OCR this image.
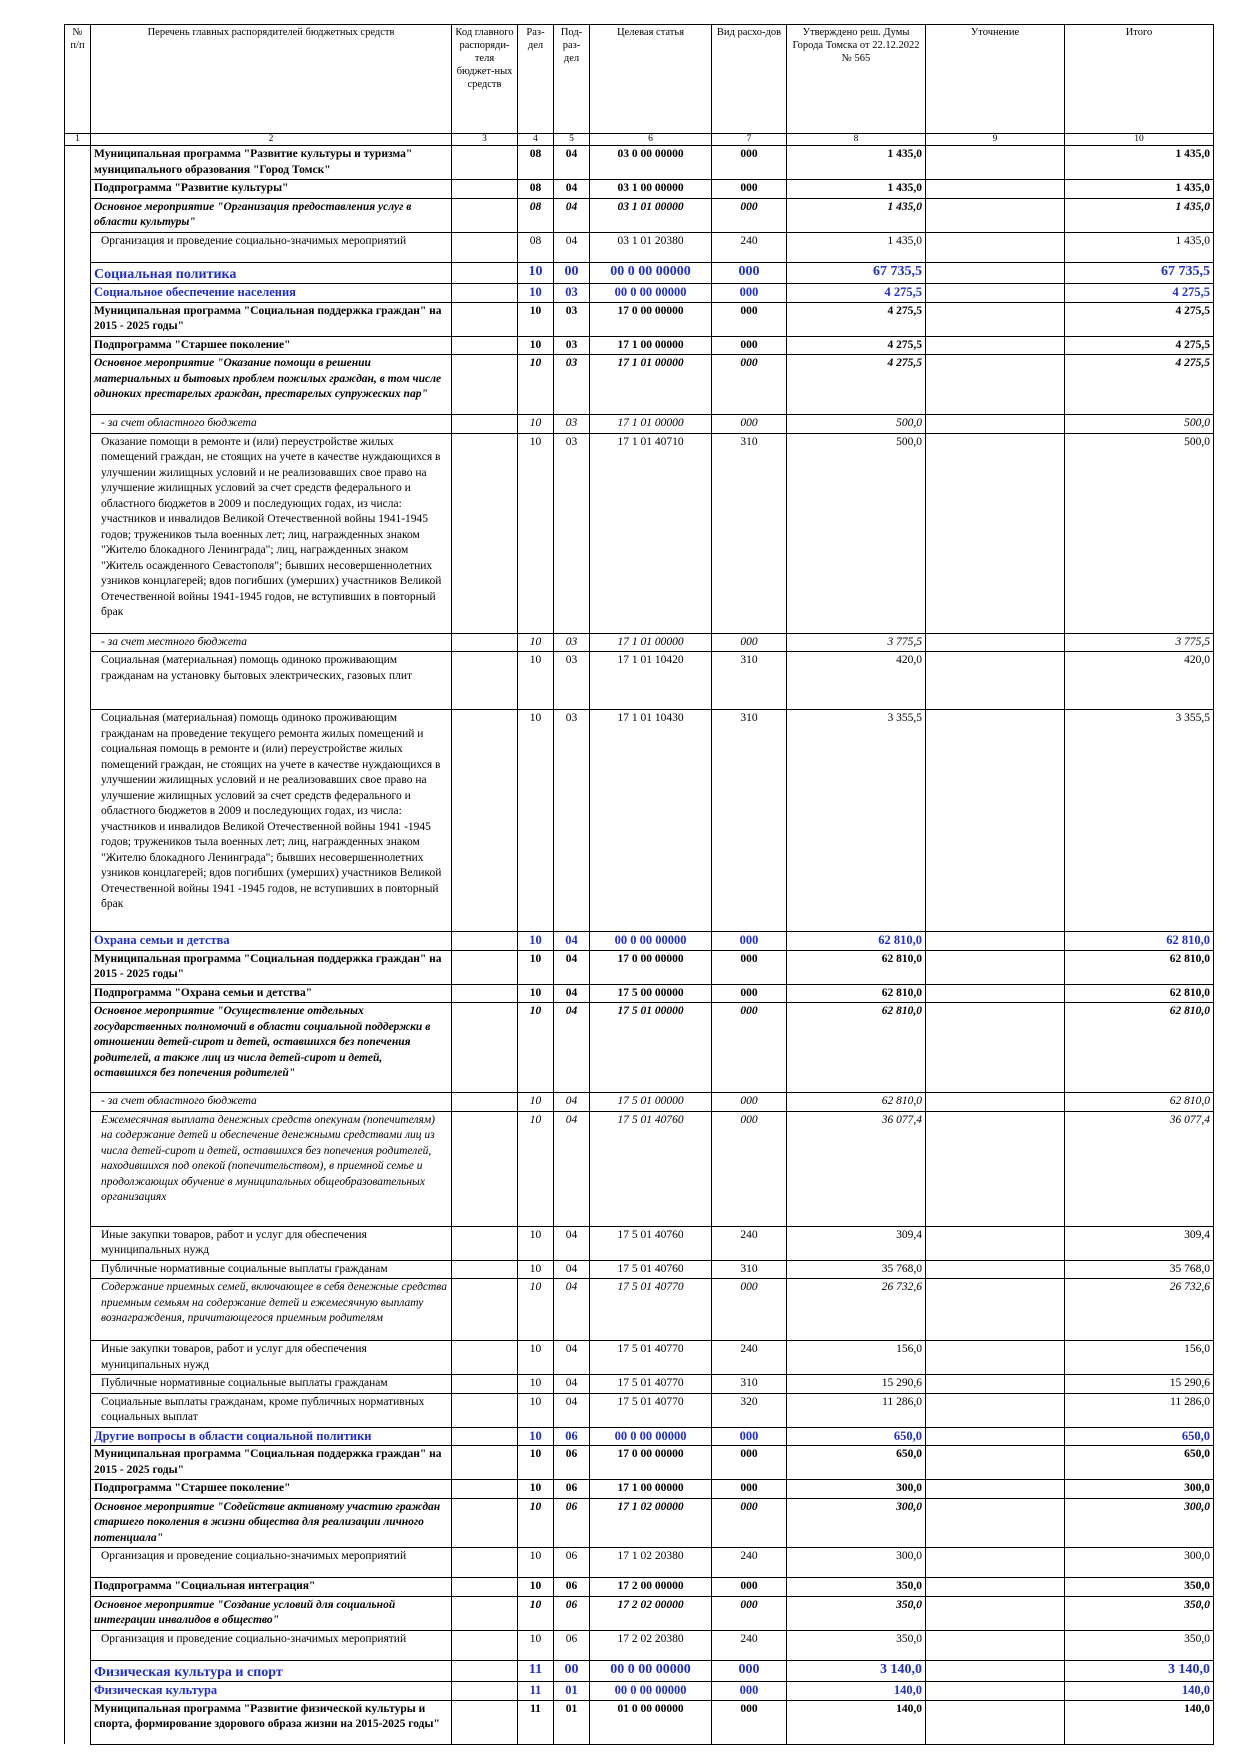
№ п/п	Перечень главных распорядителей бюджетных средств	Код главного распоряди-теля бюджет-ных средств	Раз-дел	Под-раз-дел	Целевая статья	Вид расхо-дов	Утверждено реш. Думы Города Томска от 22.12.2022 № 565	Уточнение	Итого
1	2	3	4	5	6	7	8	9	10
	Муниципальная программа "Развитие культуры и туризма" муниципального образования "Город Томск"		08	04	03 0 00 00000	000	1 435,0		1 435,0
	Подпрограмма "Развитие культуры"		08	04	03 1 00 00000	000	1 435,0		1 435,0
	Основное мероприятие "Организация предоставления услуг в области культуры"		08	04	03 1 01 00000	000	1 435,0		1 435,0
	Организация и проведение социально-значимых мероприятий		08	04	03 1 01 20380	240	1 435,0		1 435,0
	Социальная политика		10	00	00 0 00 00000	000	67 735,5		67 735,5
	Социальное обеспечение населения		10	03	00 0 00 00000	000	4 275,5		4 275,5
	Муниципальная программа "Социальная поддержка граждан" на 2015 - 2025 годы"		10	03	17 0 00 00000	000	4 275,5		4 275,5
	Подпрограмма "Старшее поколение"		10	03	17 1 00 00000	000	4 275,5		4 275,5
	Основное мероприятие "Оказание помощи в решении материальных и бытовых проблем пожилых граждан, в том числе одиноких престарелых граждан, престарелых супружеских пар"		10	03	17 1 01 00000	000	4 275,5		4 275,5
	- за счет областного бюджета		10	03	17 1 01 00000	000	500,0		500,0
	Оказание помощи в ремонте и (или) переустройстве жилых помещений граждан, не стоящих на учете в качестве нуждающихся в улучшении жилищных условий и не реализовавших свое право на улучшение жилищных условий за счет средств федерального и областного бюджетов в 2009 и последующих годах, из числа: участников и инвалидов Великой Отечественной войны 1941-1945 годов; тружеников тыла военных лет; лиц, награжденных знаком "Жителю блокадного Ленинграда"; лиц, награжденных знаком "Житель осажденного Севастополя"; бывших несовершеннолетних узников концлагерей; вдов погибших (умерших) участников Великой Отечественной войны 1941-1945 годов, не вступивших в повторный брак		10	03	17 1 01 40710	310	500,0		500,0
	- за счет местного бюджета		10	03	17 1 01 00000	000	3 775,5		3 775,5
	Социальная (материальная) помощь одиноко проживающим гражданам на установку бытовых электрических, газовых плит		10	03	17 1 01 10420	310	420,0		420,0
	Социальная (материальная) помощь одиноко проживающим гражданам на проведение текущего ремонта жилых помещений и социальная помощь в ремонте и (или) переустройстве жилых помещений граждан, не стоящих на учете в качестве нуждающихся в улучшении жилищных условий и не реализовавших свое право на улучшение жилищных условий за счет средств федерального и областного бюджетов в 2009 и последующих годах, из числа: участников и инвалидов Великой Отечественной войны 1941 -1945 годов; тружеников тыла военных лет; лиц, награжденных знаком "Жителю блокадного Ленинграда"; бывших несовершеннолетних узников концлагерей; вдов погибших (умерших) участников Великой Отечественной войны 1941 -1945 годов, не вступивших в повторный брак		10	03	17 1 01 10430	310	3 355,5		3 355,5
	Охрана семьи и детства		10	04	00 0 00 00000	000	62 810,0		62 810,0
	Муниципальная программа "Социальная поддержка граждан" на 2015 - 2025 годы"		10	04	17 0 00 00000	000	62 810,0		62 810,0
	Подпрограмма "Охрана семьи и детства"		10	04	17 5 00 00000	000	62 810,0		62 810,0
	Основное мероприятие "Осуществление отдельных государственных полномочий в области социальной поддержки в отношении детей-сирот и детей, оставшихся без попечения родителей, а также лиц из числа детей-сирот и детей, оставшихся без попечения родителей"		10	04	17 5 01 00000	000	62 810,0		62 810,0
	- за счет областного бюджета		10	04	17 5 01 00000	000	62 810,0		62 810,0
	Ежемесячная выплата денежных средств опекунам (попечителям) на содержание детей и обеспечение денежными средствами лиц из числа детей-сирот и детей, оставшихся без попечения родителей, находившихся под опекой (попечительством), в приемной семье и продолжающих обучение в муниципальных общеобразовательных организациях		10	04	17 5 01 40760	000	36 077,4		36 077,4
	Иные закупки товаров, работ и услуг для обеспечения муниципальных нужд		10	04	17 5 01 40760	240	309,4		309,4
	Публичные нормативные социальные выплаты гражданам		10	04	17 5 01 40760	310	35 768,0		35 768,0
	Содержание приемных семей, включающее в себя денежные средства приемным семьям на содержание детей и ежемесячную выплату вознаграждения, причитающегося приемным родителям		10	04	17 5 01 40770	000	26 732,6		26 732,6
	Иные закупки товаров, работ и услуг для обеспечения муниципальных нужд		10	04	17 5 01 40770	240	156,0		156,0
	Публичные нормативные социальные выплаты гражданам		10	04	17 5 01 40770	310	15 290,6		15 290,6
	Социальные выплаты гражданам, кроме публичных нормативных социальных выплат		10	04	17 5 01 40770	320	11 286,0		11 286,0
	Другие вопросы в области социальной политики		10	06	00 0 00 00000	000	650,0		650,0
	Муниципальная программа "Социальная поддержка граждан" на 2015 - 2025 годы"		10	06	17 0 00 00000	000	650,0		650,0
	Подпрограмма "Старшее поколение"		10	06	17 1 00 00000	000	300,0		300,0
	Основное мероприятие "Содействие активному участию граждан старшего поколения в жизни общества для реализации личного потенциала"		10	06	17 1 02 00000	000	300,0		300,0
	Организация и проведение социально-значимых мероприятий		10	06	17 1 02 20380	240	300,0		300,0
	Подпрограмма "Социальная интеграция"		10	06	17 2 00 00000	000	350,0		350,0
	Основное мероприятие "Создание условий для социальной интеграции инвалидов в общество"		10	06	17 2 02 00000	000	350,0		350,0
	Организация и проведение социально-значимых мероприятий		10	06	17 2 02 20380	240	350,0		350,0
	Физическая культура и спорт		11	00	00 0 00 00000	000	3 140,0		3 140,0
	Физическая культура		11	01	00 0 00 00000	000	140,0		140,0
	Муниципальная программа "Развитие физической культуры и спорта, формирование здорового образа жизни на 2015-2025 годы"		11	01	01 0 00 00000	000	140,0		140,0
